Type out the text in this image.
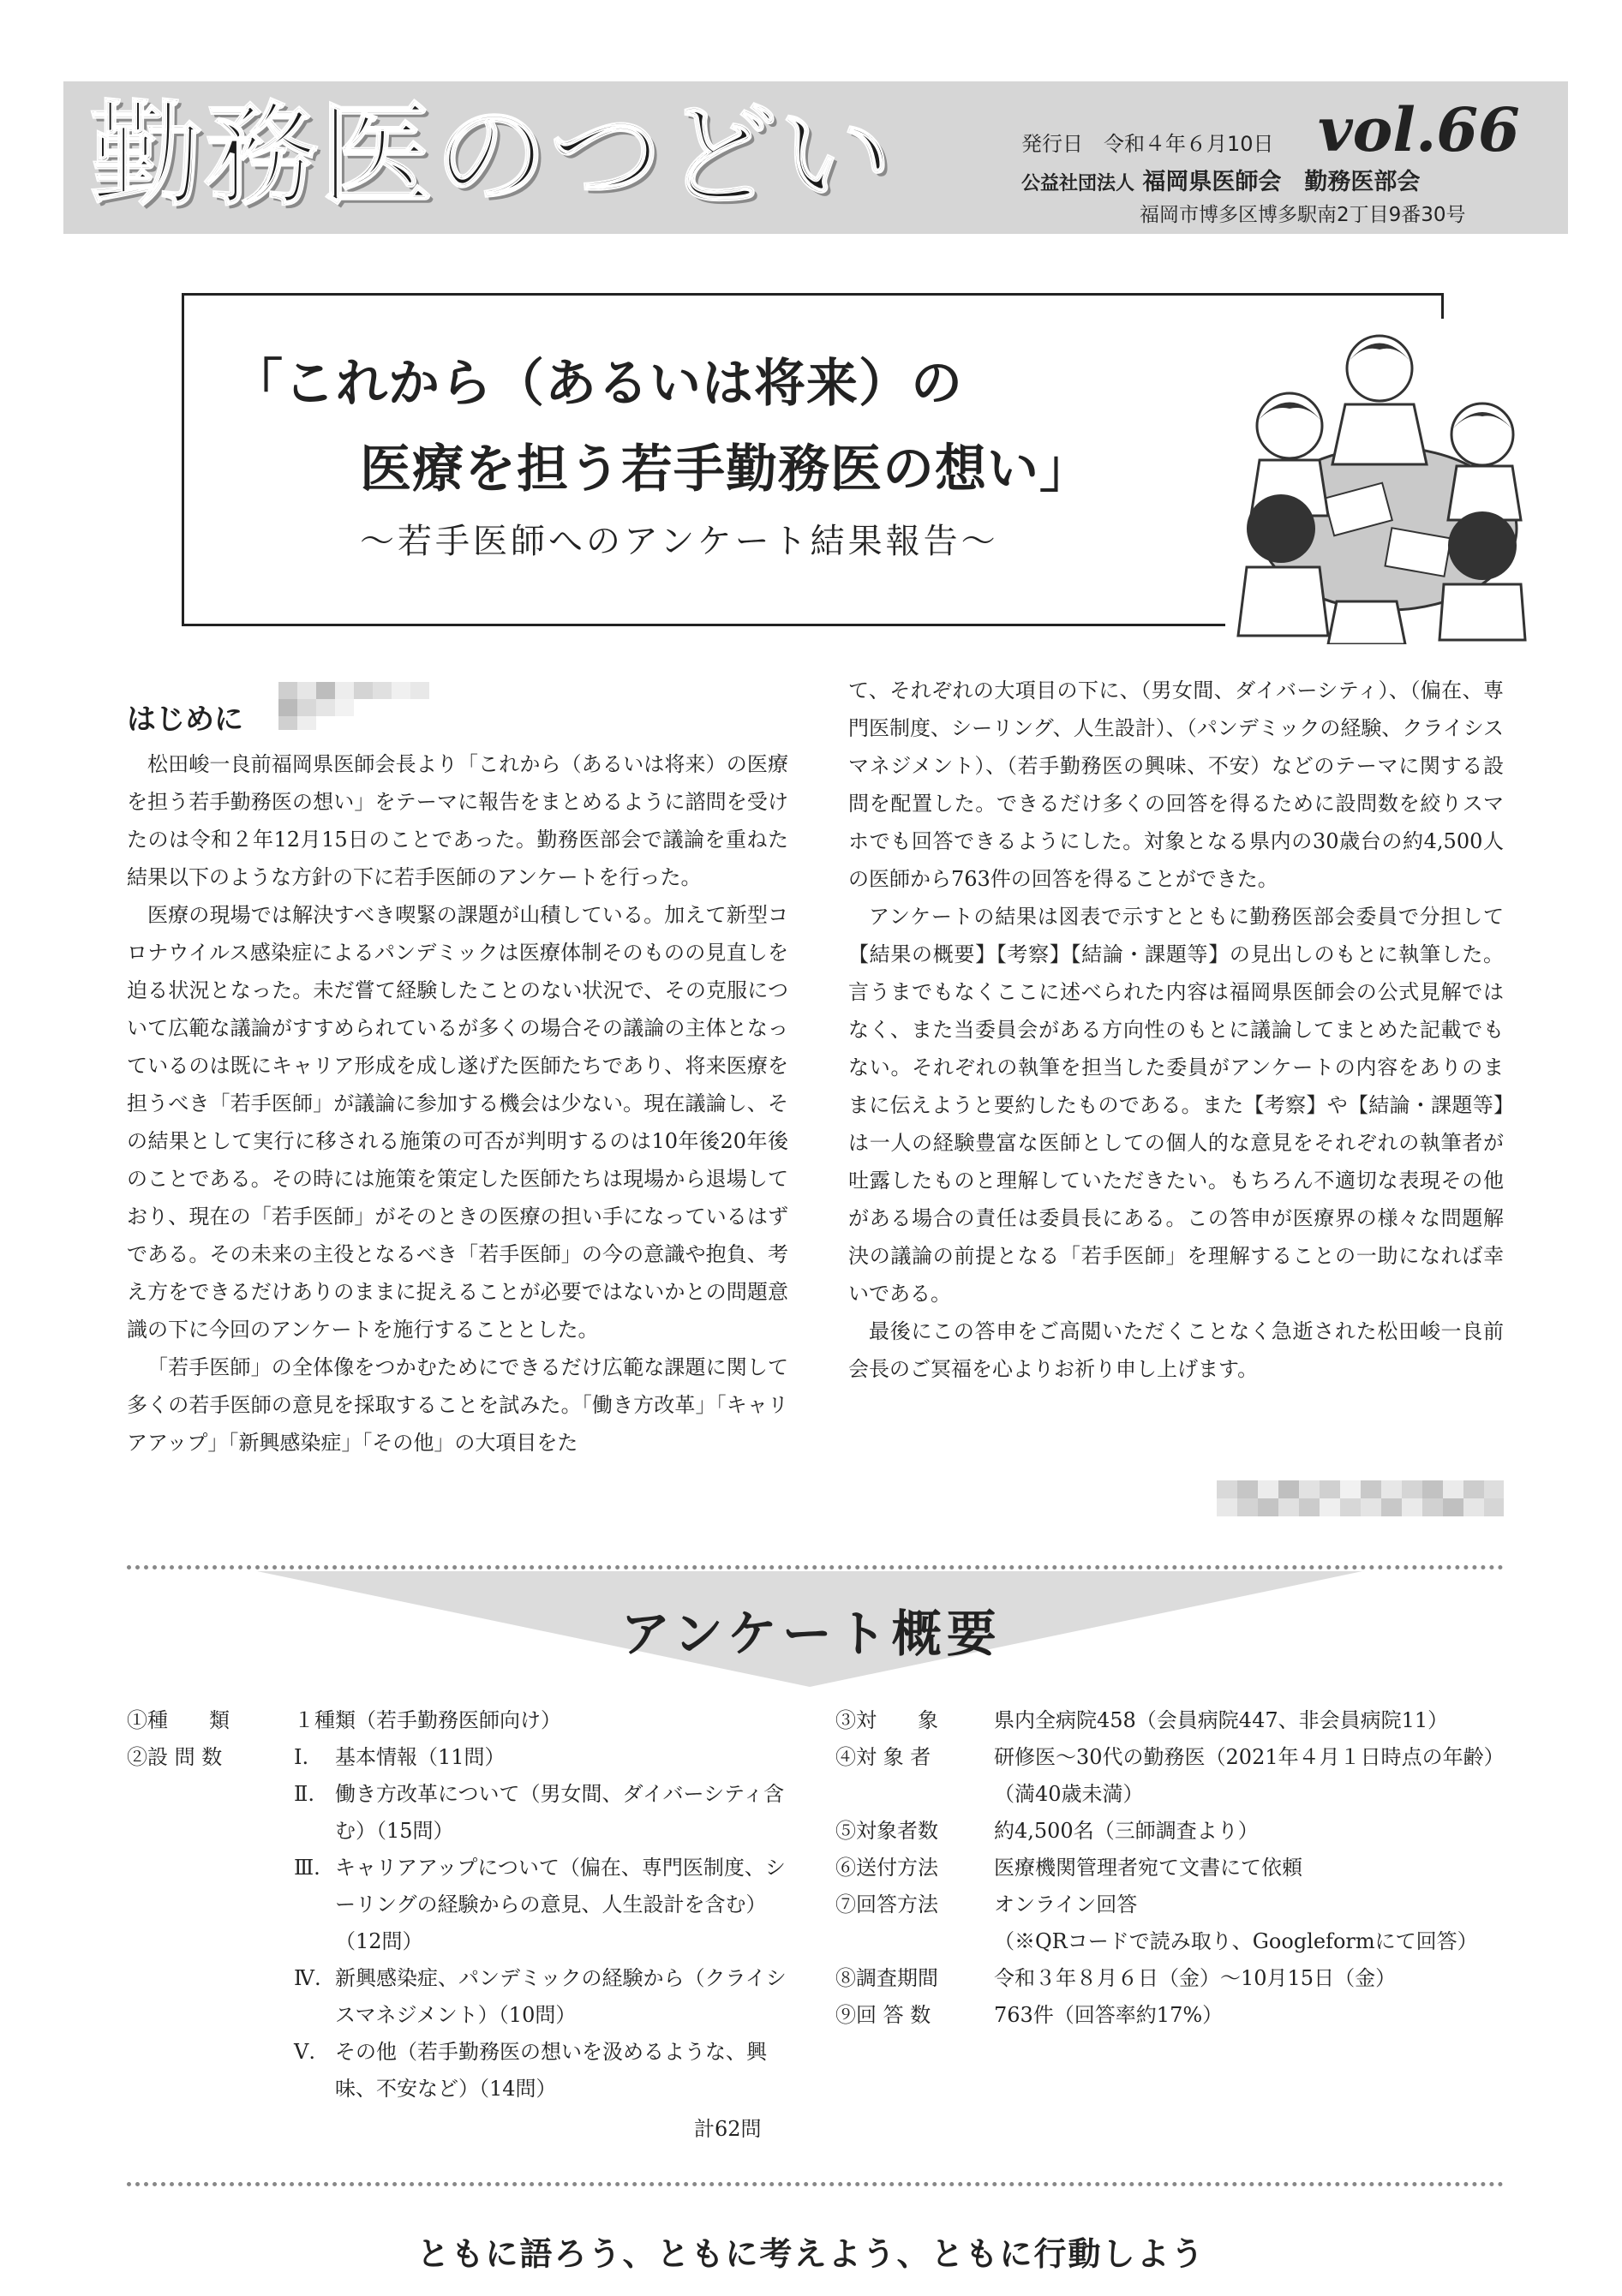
勤務医のつどい	発行日　 令和４年６月10日 vol.66
公益社団法人 福岡県医師会　勤務医部会
福岡市博多区博多駅南2丁目9番30号
「これから（あるいは将来）の
医療を担う若手勤務医の想い」
〜若手医師へのアンケート結果報告〜
はじめに

松田峻一良前福岡県医師会長より「これから（あるいは将来）の医療を担う若手勤務医の想い」をテーマに報告をまとめるように諮問を受けたのは令和２年12月15日のことであった。勤務医部会で議論を重ねた結果以下のような方針の下に若手医師のアンケートを行った。

医療の現場では解決すべき喫緊の課題が山積している。加えて新型コロナウイルス感染症によるパンデミックは医療体制そのものの見直しを迫る状況となった。未だ嘗て経験したことのない状況で、その克服について広範な議論がすすめられているが多くの場合その議論の主体となっているのは既にキャリア形成を成し遂げた医師たちであり、将来医療を担うべき「若手医師」が議論に参加する機会は少ない。現在議論し、その結果として実行に移される施策の可否が判明するのは10年後20年後のことである。その時には施策を策定した医師たちは現場から退場しており、現在の「若手医師」がそのときの医療の担い手になっているはずである。その未来の主役となるべき「若手医師」の今の意識や抱負、考え方をできるだけありのままに捉えることが必要ではないかとの問題意識の下に今回のアンケートを施行することとした。

「若手医師」の全体像をつかむためにできるだけ広範な課題に関して多くの若手医師の意見を採取することを試みた。「働き方改革」「キャリアアップ」「新興感染症」「その他」の大項目をた

て、それぞれの大項目の下に、（男女間、ダイバーシティ）、（偏在、専門医制度、シーリング、人生設計）、（パンデミックの経験、クライシスマネジメント）、（若手勤務医の興味、不安）などのテーマに関する設問を配置した。できるだけ多くの回答を得るために設問数を絞りスマホでも回答できるようにした。対象となる県内の30歳台の約4,500人の医師から763件の回答を得ることができた。

アンケートの結果は図表で示すとともに勤務医部会委員で分担して【結果の概要】【考察】【結論・課題等】の見出しのもとに執筆した。言うまでもなくここに述べられた内容は福岡県医師会の公式見解ではなく、また当委員会がある方向性のもとに議論してまとめた記載でもない。それぞれの執筆を担当した委員がアンケートの内容をありのままに伝えようと要約したものである。また【考察】や【結論・課題等】は一人の経験豊富な医師としての個人的な意見をそれぞれの執筆者が吐露したものと理解していただきたい。もちろん不適切な表現その他がある場合の責任は委員長にある。この答申が医療界の様々な問題解決の議論の前提となる「若手医師」を理解することの一助になれば幸いである。

最後にこの答申をご高閲いただくことなく急逝された松田峻一良前会長のご冥福を心よりお祈り申し上げます。

アンケート概要
①種　　類	１種類（若手勤務医師向け）
②設 問 数	Ⅰ.	基本情報（11問）
Ⅱ.	働き方改革について（男女間、ダイバーシティ含む）（15問）
Ⅲ. キャリアアップについて（偏在、専門医制度、シーリングの経験からの意見、人生設計を含む）（12問）
Ⅳ. 新興感染症、パンデミックの経験から（クライシスマネジメント）（10問）
Ⅴ. その他（若手勤務医の想いを汲めるような、興味、不安など）（14問）
計62問
③対　　象	県内全病院458（会員病院447、非会員病院11）
④対 象 者	研修医〜30代の勤務医（2021年４月１日時点の年齢）（満40歳未満）
⑤対象者数	約4,500名（三師調査より）
⑥送付方法	医療機関管理者宛て文書にて依頼
⑦回答方法	オンライン回答
（※QRコードで読み取り、Googleformにて回答）
⑧調査期間	令和３年８月６日（金）〜10月15日（金）
⑨回 答 数	763件（回答率約17%）
ともに語ろう、ともに考えよう、ともに行動しよう
